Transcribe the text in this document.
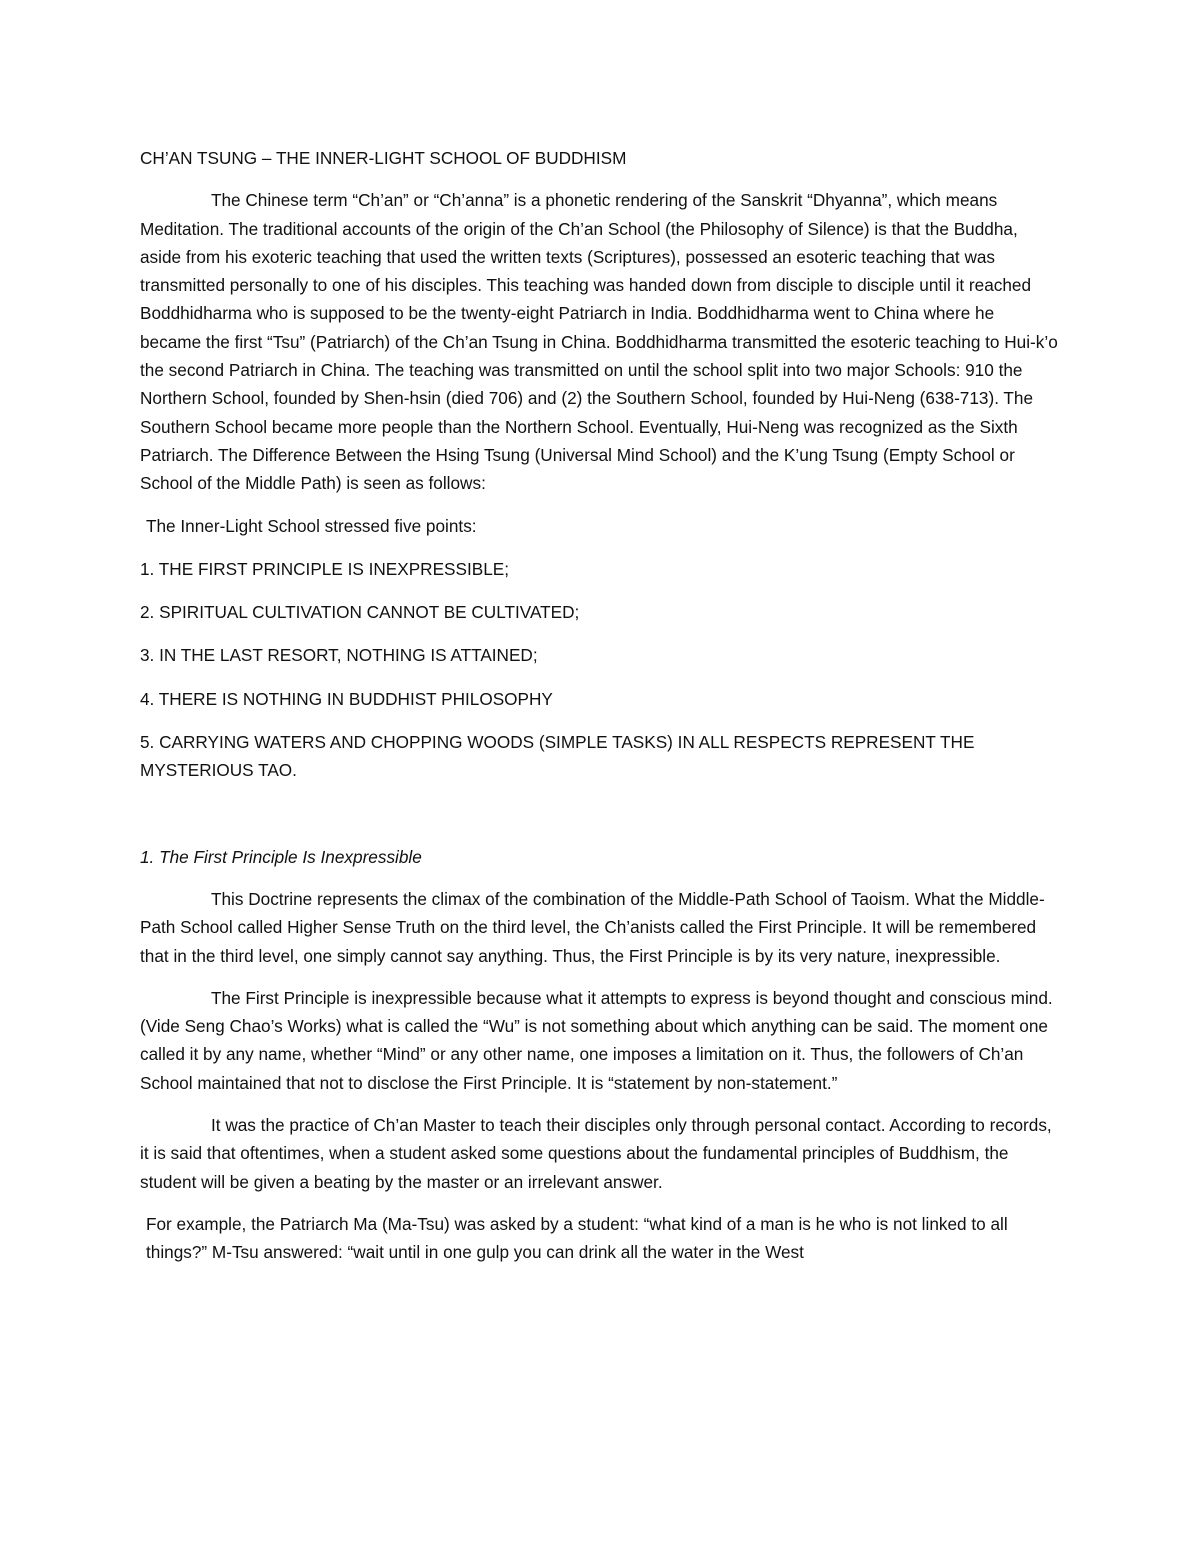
CH’AN TSUNG – THE INNER-LIGHT SCHOOL OF BUDDHISM

The Chinese term “Ch’an” or “Ch’anna” is a phonetic rendering of the Sanskrit “Dhyanna”, which means Meditation. The traditional accounts of the origin of the Ch’an School (the Philosophy of Silence) is that the Buddha, aside from his exoteric teaching that used the written texts (Scriptures), possessed an esoteric teaching that was transmitted personally to one of his disciples. This teaching was handed down from disciple to disciple until it reached Boddhidharma who is supposed to be the twenty-eight Patriarch in India. Boddhidharma went to China where he became the first “Tsu” (Patriarch) of the Ch’an Tsung in China. Boddhidharma transmitted the esoteric teaching to Hui-k’o the second Patriarch in China. The teaching was transmitted on until the school split into two major Schools: 910 the Northern School, founded by Shen-hsin (died 706) and (2) the Southern School, founded by Hui-Neng (638-713). The Southern School became more people than the Northern School. Eventually, Hui-Neng was recognized as the Sixth Patriarch. The Difference Between the Hsing Tsung (Universal Mind School) and the K’ung Tsung (Empty School or School of the Middle Path) is seen as follows:

The Inner-Light School stressed five points:

1. THE FIRST PRINCIPLE IS INEXPRESSIBLE;

2. SPIRITUAL CULTIVATION CANNOT BE CULTIVATED;

3. IN THE LAST RESORT, NOTHING IS ATTAINED;

4. THERE IS NOTHING IN BUDDHIST PHILOSOPHY

5. CARRYING WATERS AND CHOPPING WOODS (SIMPLE TASKS) IN ALL RESPECTS REPRESENT THE MYSTERIOUS TAO.

1. The First Principle Is Inexpressible

This Doctrine represents the climax of the combination of the Middle-Path School of Taoism. What the Middle-Path School called Higher Sense Truth on the third level, the Ch’anists called the First Principle. It will be remembered that in the third level, one simply cannot say anything. Thus, the First Principle is by its very nature, inexpressible.

The First Principle is inexpressible because what it attempts to express is beyond thought and conscious mind. (Vide Seng Chao’s Works) what is called the “Wu” is not something about which anything can be said. The moment one called it by any name, whether “Mind” or any other name, one imposes a limitation on it. Thus, the followers of Ch’an School maintained that not to disclose the First Principle. It is “statement by non-statement.”

It was the practice of Ch’an Master to teach their disciples only through personal contact. According to records, it is said that oftentimes, when a student asked some questions about the fundamental principles of Buddhism, the student will be given a beating by the master or an irrelevant answer.

For example, the Patriarch Ma (Ma-Tsu) was asked by a student: “what kind of a man is he who is not linked to all things?” M-Tsu answered: “wait until in one gulp you can drink all the water in the West
